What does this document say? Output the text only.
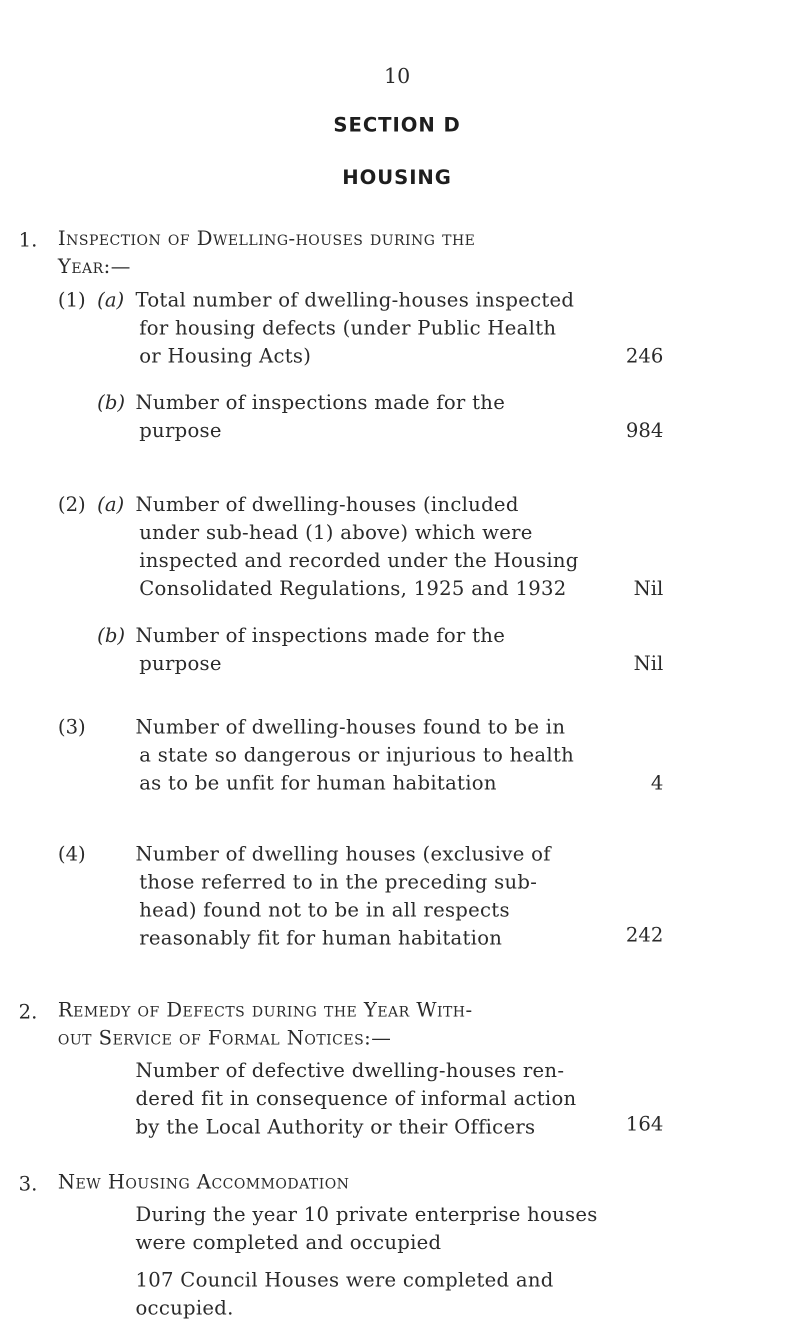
10
SECTION D
HOUSING
1. Inspection of Dwelling-houses during the
Year:—
(1) (a) Total number of dwelling-houses inspected
for housing defects (under Public Health
or Housing Acts)	246
(b) Number of inspections made for the
purpose	984
(2) (a) Number of dwelling-houses (included
under sub-head (1) above) which were
inspected and recorded under the Housing
Consolidated Regulations, 1925 and 1932	Nil
(b) Number of inspections made for the
purpose	Nil
(3) Number of dwelling-houses found to be in
a state so dangerous or injurious to health
as to be unfit for human habitation	4
(4) Number of dwelling houses (exclusive of
those referred to in the preceding sub-
head) found not to be in all respects
reasonably fit for human habitation	242
2. Remedy of Defects during the Year With-
out Service of Formal Notices:—
Number of defective dwelling-houses ren-
dered fit in consequence of informal action
by the Local Authority or their Officers	164
3. New Housing Accommodation
During the year 10 private enterprise houses
were completed and occupied
107 Council Houses were completed and
occupied.
